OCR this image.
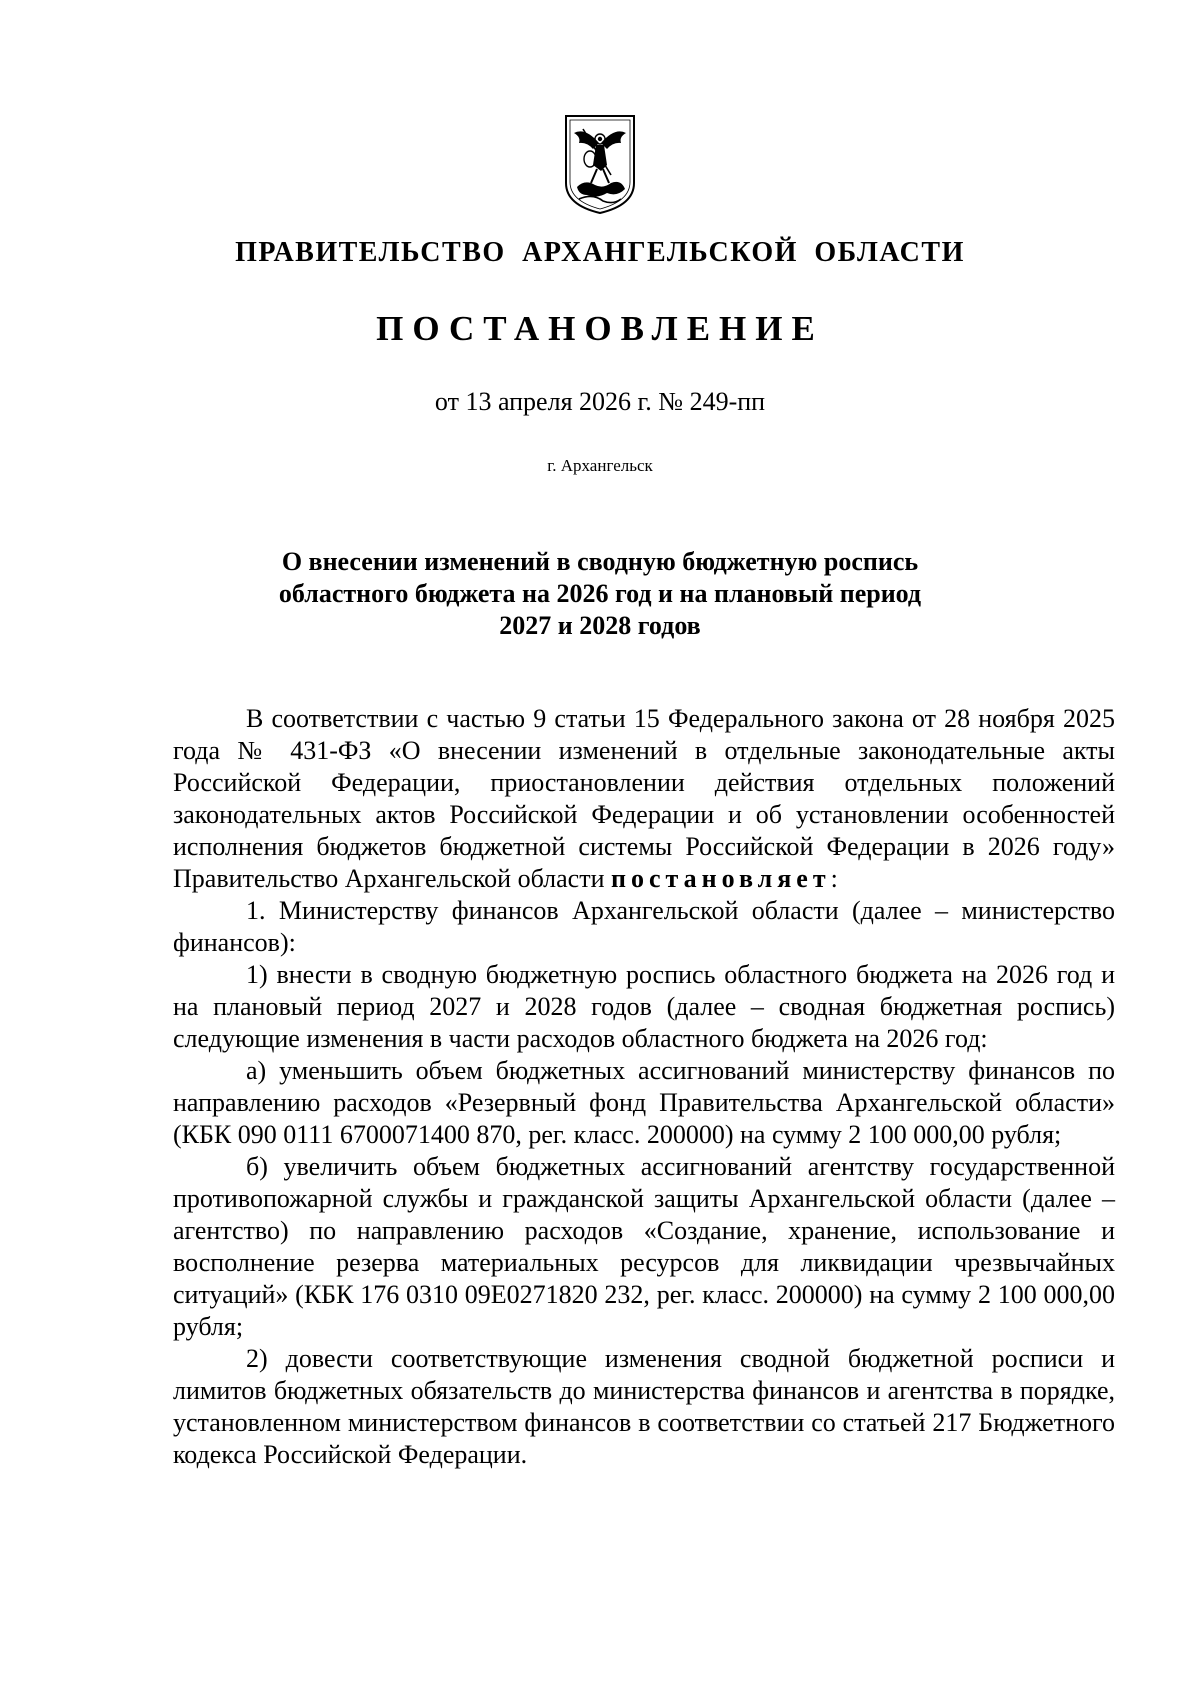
ПРАВИТЕЛЬСТВО АРХАНГЕЛЬСКОЙ ОБЛАСТИ
ПОСТАНОВЛЕНИЕ
от 13 апреля 2026 г. № 249-пп
г. Архангельск
О внесении изменений в сводную бюджетную роспись
областного бюджета на 2026 год и на плановый период
2027 и 2028 годов

В соответствии с частью 9 статьи 15 Федерального закона от 28 ноября 2025 года № 431-ФЗ «О внесении изменений в отдельные законодательные акты Российской Федерации, приостановлении действия отдельных положений законодательных актов Российской Федерации и об установлении особенностей исполнения бюджетов бюджетной системы Российской Федерации в 2026 году» Правительство Архангельской области постановляет:

1. Министерству финансов Архангельской области (далее – министерство финансов):

1) внести в сводную бюджетную роспись областного бюджета на 2026 год и на плановый период 2027 и 2028 годов (далее – сводная бюджетная роспись) следующие изменения в части расходов областного бюджета на 2026 год:

а) уменьшить объем бюджетных ассигнований министерству финансов по направлению расходов «Резервный фонд Правительства Архангельской области» (КБК 090 0111 6700071400 870, рег. класс. 200000) на сумму 2 100 000,00 рубля;

б) увеличить объем бюджетных ассигнований агентству государственной противопожарной службы и гражданской защиты Архангельской области (далее – агентство) по направлению расходов «Создание, хранение, использование и восполнение резерва материальных ресурсов для ликвидации чрезвычайных ситуаций» (КБК 176 0310 09Е0271820 232, рег. класс. 200000) на сумму 2 100 000,00 рубля;

2) довести соответствующие изменения сводной бюджетной росписи и лимитов бюджетных обязательств до министерства финансов и агентства в порядке, установленном министерством финансов в соответствии со статьей 217 Бюджетного кодекса Российской Федерации.
